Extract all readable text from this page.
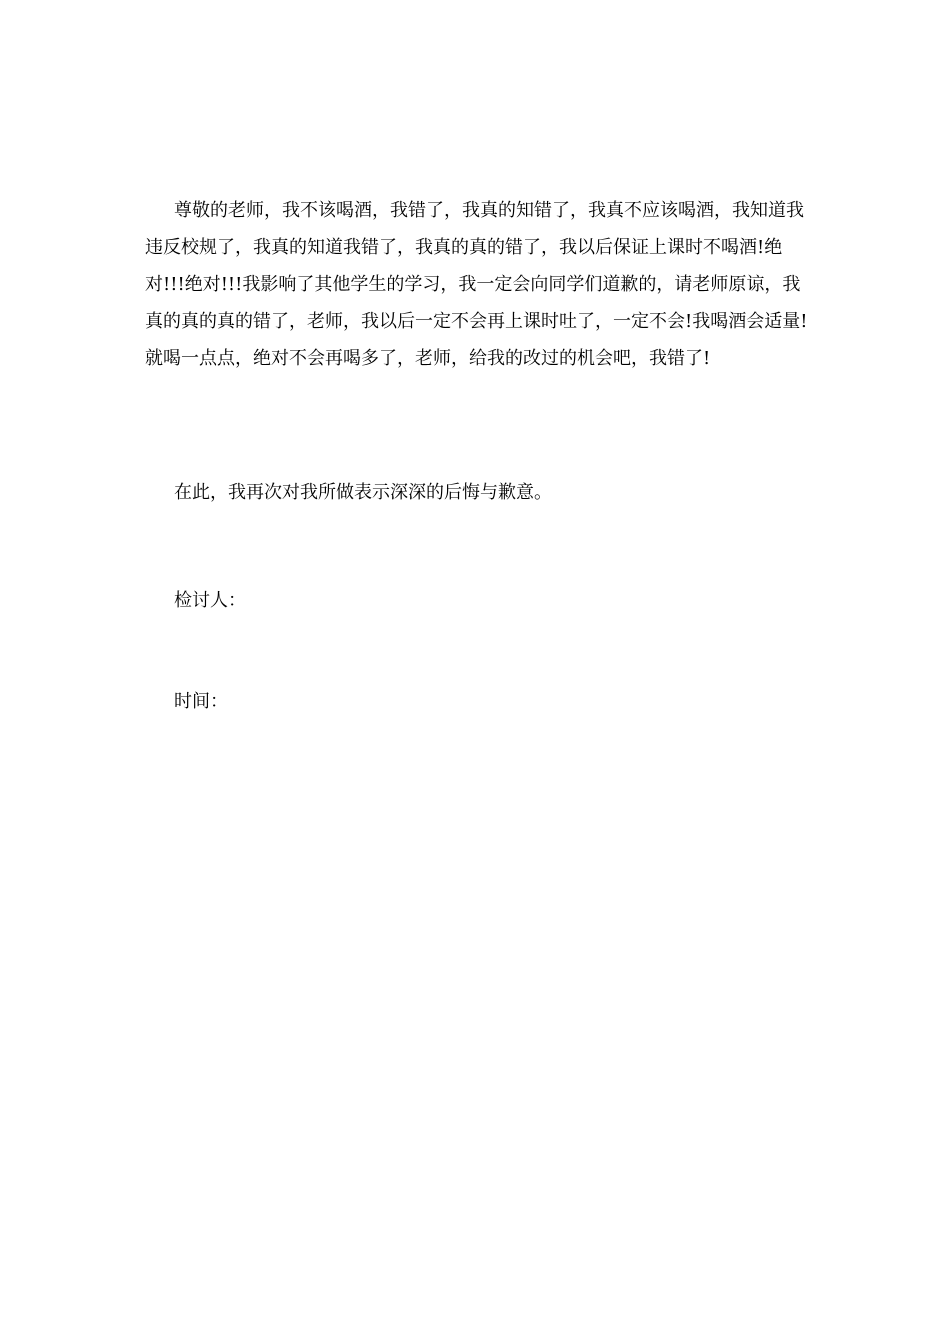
尊敬的老师，我不该喝酒，我错了，我真的知错了，我真不应该喝酒，我知道我违反校规了，我真的知道我错了，我真的真的错了，我以后保证上课时不喝酒!绝对!!!绝对!!!我影响了其他学生的学习，我一定会向同学们道歉的，请老师原谅，我真的真的真的错了，老师，我以后一定不会再上课时吐了，一定不会!我喝酒会适量!就喝一点点，绝对不会再喝多了，老师，给我的改过的机会吧，我错了!

在此，我再次对我所做表示深深的后悔与歉意。

检讨人：

时间：
